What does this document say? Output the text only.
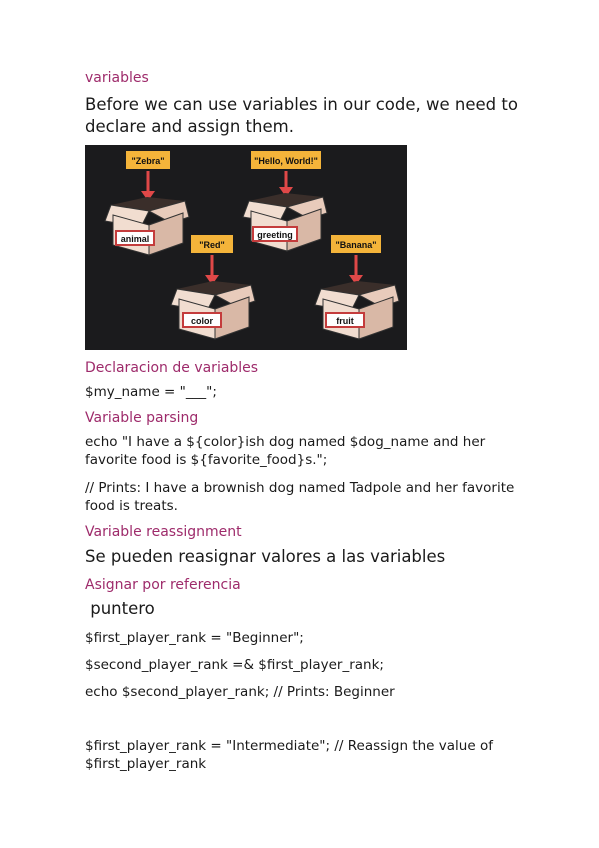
variables
Before we can use variables in our code, we need to declare and assign them.
"Zebra"
animal
"Hello, World!"
greeting
"Red"
color
"Banana"
fruit
Declaracion de variables
$my_name = "___";
Variable parsing
echo "I have a ${color}ish dog named $dog_name and her favorite food is ${favorite_food}s.";
// Prints: I have a brownish dog named Tadpole and her favorite food is treats.
Variable reassignment
Se pueden reasignar valores a las variables
Asignar por referencia
puntero
$first_player_rank = "Beginner";
$second_player_rank =& $first_player_rank;
echo $second_player_rank; // Prints: Beginner
$first_player_rank = "Intermediate"; // Reassign the value of $first_player_rank
